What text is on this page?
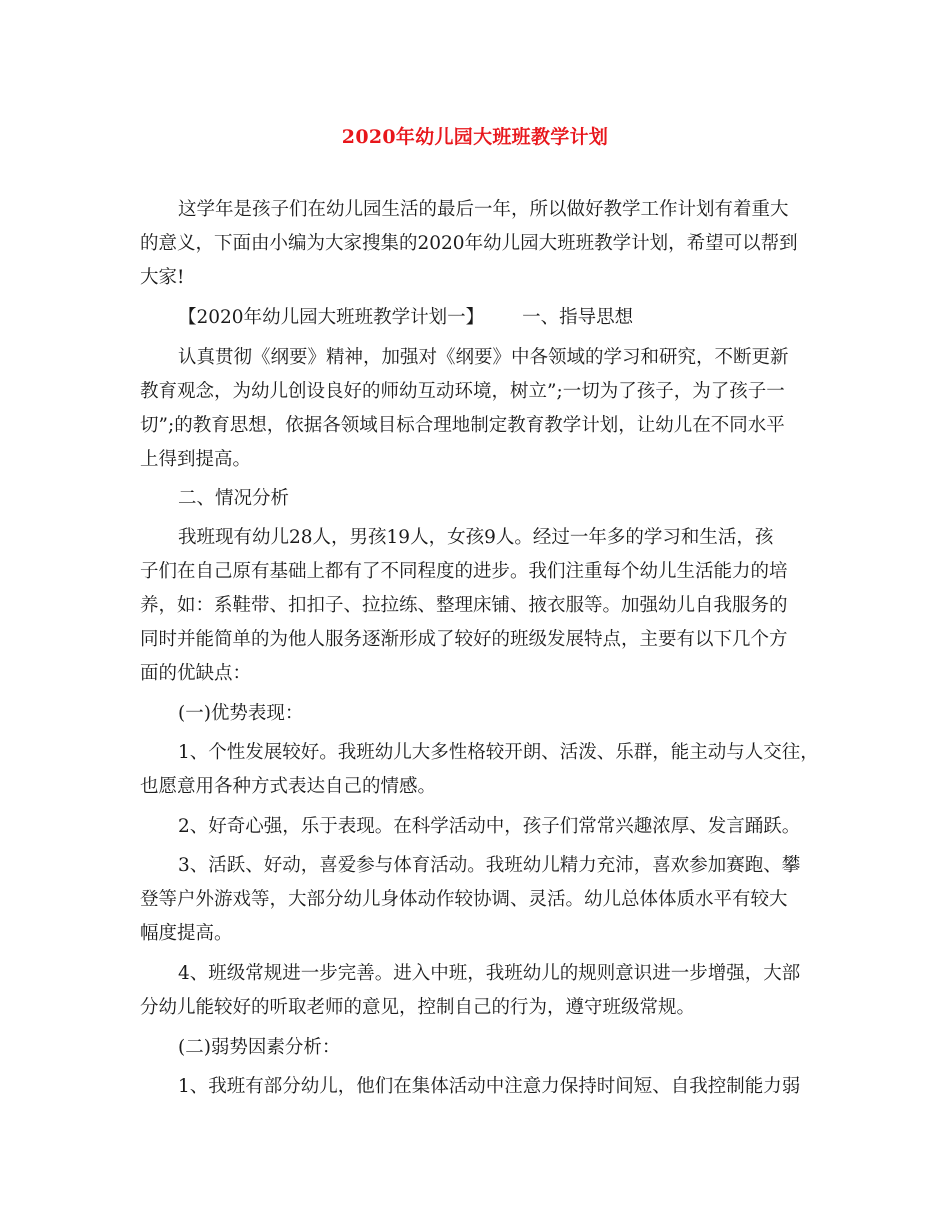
2020年幼儿园大班班教学计划
这学年是孩子们在幼儿园生活的最后一年，所以做好教学工作计划有着重大
的意义，下面由小编为大家搜集的2020年幼儿园大班班教学计划，希望可以帮到
大家!
【2020年幼儿园大班班教学计划一】 一、指导思想
认真贯彻《纲要》精神，加强对《纲要》中各领域的学习和研究，不断更新
教育观念，为幼儿创设良好的师幼互动环境，树立”;一切为了孩子，为了孩子一
切”;的教育思想，依据各领域目标合理地制定教育教学计划，让幼儿在不同水平
上得到提高。
二、情况分析
我班现有幼儿28人，男孩19人，女孩9人。经过一年多的学习和生活，孩
子们在自己原有基础上都有了不同程度的进步。我们注重每个幼儿生活能力的培
养，如：系鞋带、扣扣子、拉拉练、整理床铺、掖衣服等。加强幼儿自我服务的
同时并能简单的为他人服务逐渐形成了较好的班级发展特点，主要有以下几个方
面的优缺点：
(一)优势表现：
1、个性发展较好。我班幼儿大多性格较开朗、活泼、乐群，能主动与人交往，
也愿意用各种方式表达自己的情感。
2、好奇心强，乐于表现。在科学活动中，孩子们常常兴趣浓厚、发言踊跃。
3、活跃、好动，喜爱参与体育活动。我班幼儿精力充沛，喜欢参加赛跑、攀
登等户外游戏等，大部分幼儿身体动作较协调、灵活。幼儿总体体质水平有较大
幅度提高。
4、班级常规进一步完善。进入中班，我班幼儿的规则意识进一步增强，大部
分幼儿能较好的听取老师的意见，控制自己的行为，遵守班级常规。
(二)弱势因素分析：
1、我班有部分幼儿，他们在集体活动中注意力保持时间短、自我控制能力弱
